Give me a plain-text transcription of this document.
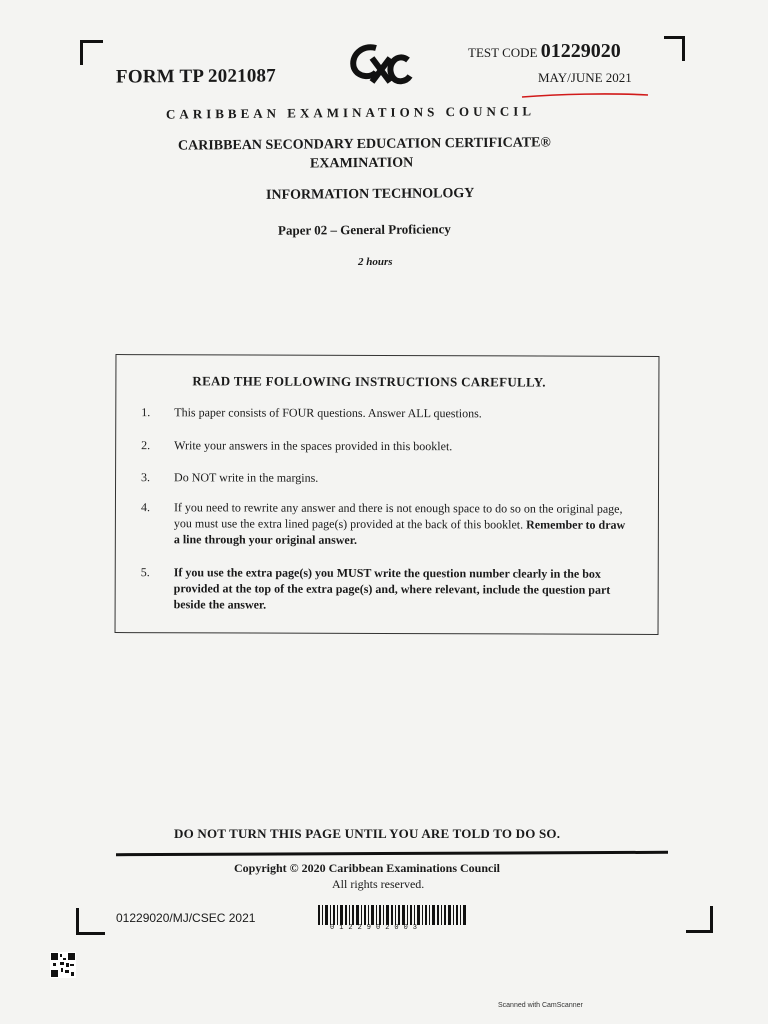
FORM TP 2021087
TEST CODE 01229020
MAY/JUNE 2021
CARIBBEAN EXAMINATIONS COUNCIL
CARIBBEAN SECONDARY EDUCATION CERTIFICATE®
EXAMINATION
INFORMATION TECHNOLOGY
Paper 02 – General Proficiency
2 hours
READ THE FOLLOWING INSTRUCTIONS CAREFULLY.
1. This paper consists of FOUR questions. Answer ALL questions.
2. Write your answers in the spaces provided in this booklet.
3. Do NOT write in the margins.
4. If you need to rewrite any answer and there is not enough space to do so on the original page, you must use the extra lined page(s) provided at the back of this booklet. Remember to draw a line through your original answer.
5. If you use the extra page(s) you MUST write the question number clearly in the box provided at the top of the extra page(s) and, where relevant, include the question part beside the answer.
DO NOT TURN THIS PAGE UNTIL YOU ARE TOLD TO DO SO.
Copyright © 2020 Caribbean Examinations Council
All rights reserved.
01229020/MJ/CSEC 2021
0122902003
Scanned with CamScanner
